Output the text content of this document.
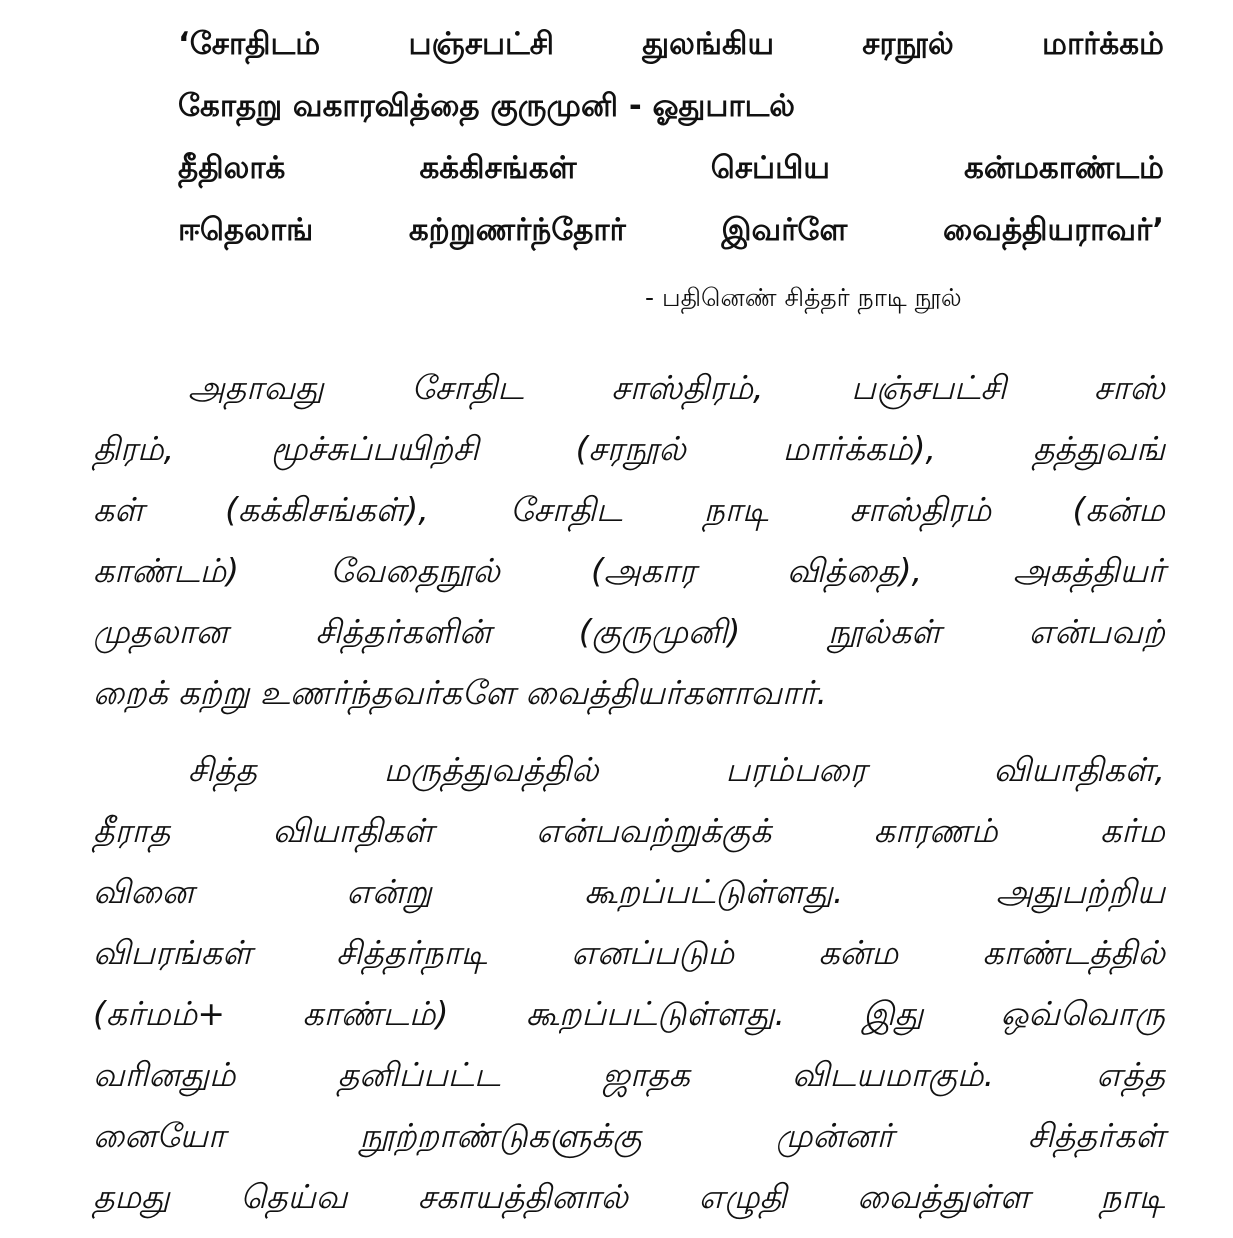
‘சோதிடம் பஞ்சபட்சி துலங்கிய சரநூல் மார்க்கம்
கோதறு வகாரவித்தை குருமுனி - ஓதுபாடல்
தீதிலாக் கக்கிசங்கள் செப்பிய கன்மகாண்டம்
ஈதெலாங் கற்றுணர்ந்தோர் இவர்ளே வைத்தியராவர்’
- பதினெண் சித்தர் நாடி நூல்
அதாவது சோதிட சாஸ்திரம், பஞ்சபட்சி சாஸ்
திரம், மூச்சுப்பயிற்சி (சரநூல் மார்க்கம்), தத்துவங்
கள் (கக்கிசங்கள்), சோதிட நாடி சாஸ்திரம் (கன்ம
காண்டம்) வேதைநூல் (அகார வித்தை), அகத்தியர்
முதலான சித்தர்களின் (குருமுனி) நூல்கள் என்பவற்
றைக் கற்று உணர்ந்தவர்களே வைத்தியர்களாவார்.
சித்த மருத்துவத்தில் பரம்பரை வியாதிகள்,
தீராத வியாதிகள் என்பவற்றுக்குக் காரணம் கர்ம
வினை என்று கூறப்பட்டுள்ளது. அதுபற்றிய
விபரங்கள் சித்தர்நாடி எனப்படும் கன்ம காண்டத்தில்
(கர்மம்+ காண்டம்) கூறப்பட்டுள்ளது. இது ஒவ்வொரு
வரினதும் தனிப்பட்ட ஜாதக விடயமாகும். எத்த
னையோ நூற்றாண்டுகளுக்கு முன்னர் சித்தர்கள்
தமது தெய்வ சகாயத்தினால் எழுதி வைத்துள்ள நாடி
